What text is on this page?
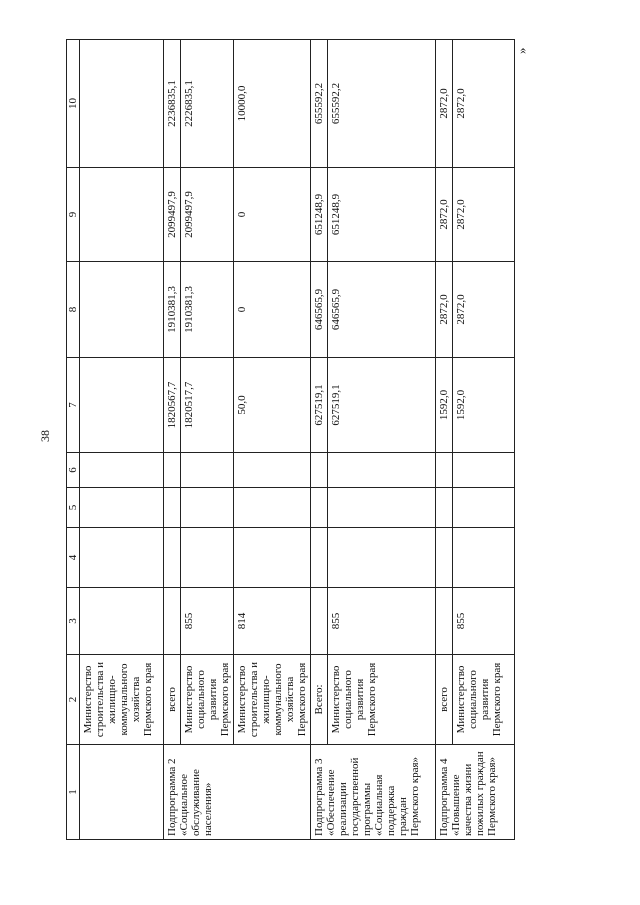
38
»
1	2	3	4	5	6	7	8	9	10
	Министерство строительства и жилищно-коммунального хозяйства Пермского края								
Подпрограмма 2 «Социальное обслуживание населения»	всего					1820567,7	1910381,3	2099497,9	2236835,1
	Министерство социального развития Пермского края	855				1820517,7	1910381,3	2099497,9	2226835,1
	Министерство строительства и жилищно-коммунального хозяйства Пермского края	814				50,0	0	0	10000,0
Подпрограмма 3 «Обеспечение реализации государственной программы «Социальная поддержка граждан Пермского края»	Всего:					627519,1	646565,9	651248,9	655592,2
	Министерство социального развития Пермского края	855				627519,1	646565,9	651248,9	655592,2
Подпрограмма 4 «Повышение качества жизни пожилых граждан Пермского края»	всего					1592,0	2872,0	2872,0	2872,0
	Министерство социального развития Пермского края	855				1592,0	2872,0	2872,0	2872,0
